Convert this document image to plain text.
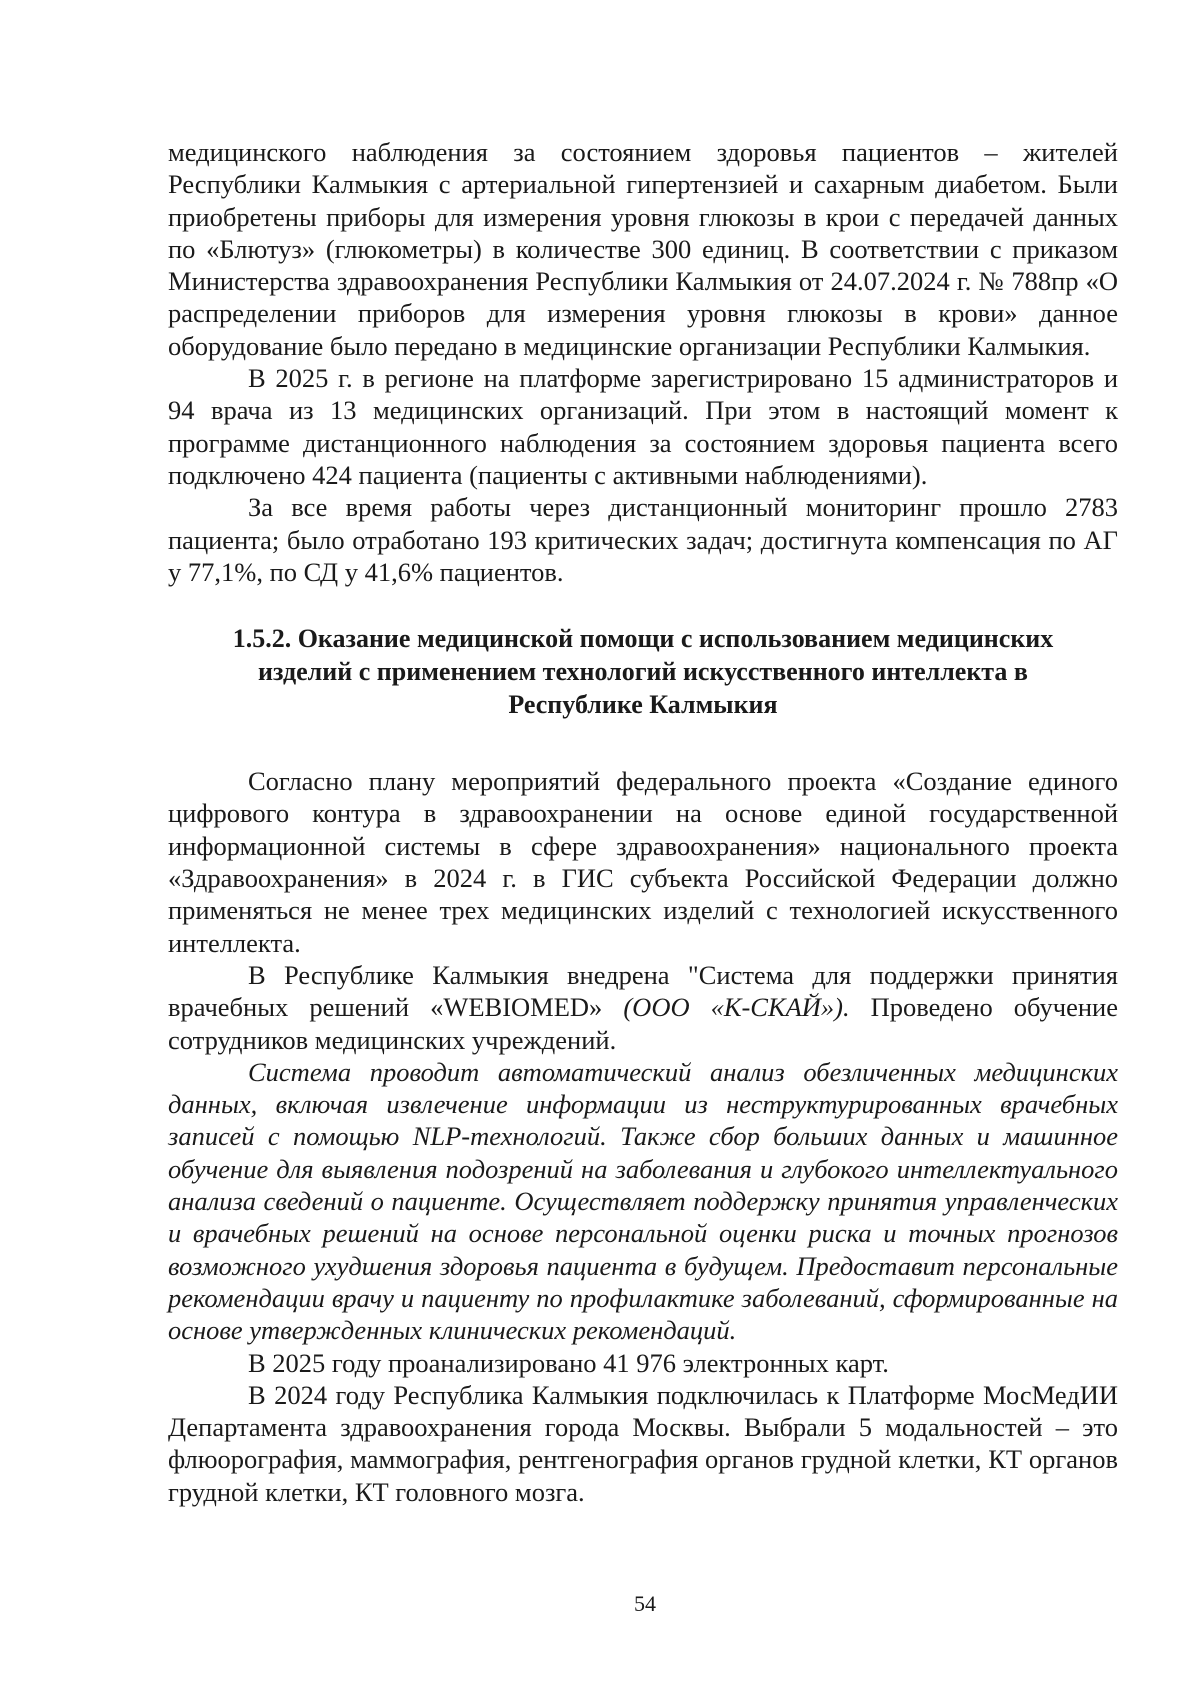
медицинского наблюдения за состоянием здоровья пациентов – жителей Республики Калмыкия с артериальной гипертензией и сахарным диабетом. Были приобретены приборы для измерения уровня глюкозы в крои с передачей данных по «Блютуз» (глюкометры) в количестве 300 единиц. В соответствии с приказом Министерства здравоохранения Республики Калмыкия от 24.07.2024 г. № 788пр «О распределении приборов для измерения уровня глюкозы в крови» данное оборудование было передано в медицинские организации Республики Калмыкия.

В 2025 г. в регионе на платформе зарегистрировано 15 администраторов и 94 врача из 13 медицинских организаций. При этом в настоящий момент к программе дистанционного наблюдения за состоянием здоровья пациента всего подключено 424 пациента (пациенты с активными наблюдениями).

За все время работы через дистанционный мониторинг прошло 2783 пациента; было отработано 193 критических задач; достигнута компенсация по АГ у 77,1%, по СД у 41,6% пациентов.

1.5.2. Оказание медицинской помощи с использованием медицинских изделий с применением технологий искусственного интеллекта в Республике Калмыкия

Согласно плану мероприятий федерального проекта «Создание единого цифрового контура в здравоохранении на основе единой государственной информационной системы в сфере здравоохранения» национального проекта «Здравоохранения» в 2024 г. в ГИС субъекта Российской Федерации должно применяться не менее трех медицинских изделий с технологией искусственного интеллекта.

В Республике Калмыкия внедрена "Система для поддержки принятия врачебных решений «WEBIOMED» (ООО «К-СКАЙ»). Проведено обучение сотрудников медицинских учреждений.

Система проводит автоматический анализ обезличенных медицинских данных, включая извлечение информации из неструктурированных врачебных записей с помощью NLP-технологий. Также сбор больших данных и машинное обучение для выявления подозрений на заболевания и глубокого интеллектуального анализа сведений о пациенте. Осуществляет поддержку принятия управленческих и врачебных решений на основе персональной оценки риска и точных прогнозов возможного ухудшения здоровья пациента в будущем. Предоставит персональные рекомендации врачу и пациенту по профилактике заболеваний, сформированные на основе утвержденных клинических рекомендаций.

В 2025 году проанализировано 41 976 электронных карт.

В 2024 году Республика Калмыкия подключилась к Платформе МосМедИИ Департамента здравоохранения города Москвы. Выбрали 5 модальностей – это флюорография, маммография, рентгенография органов грудной клетки, КТ органов грудной клетки, КТ головного мозга.

54
